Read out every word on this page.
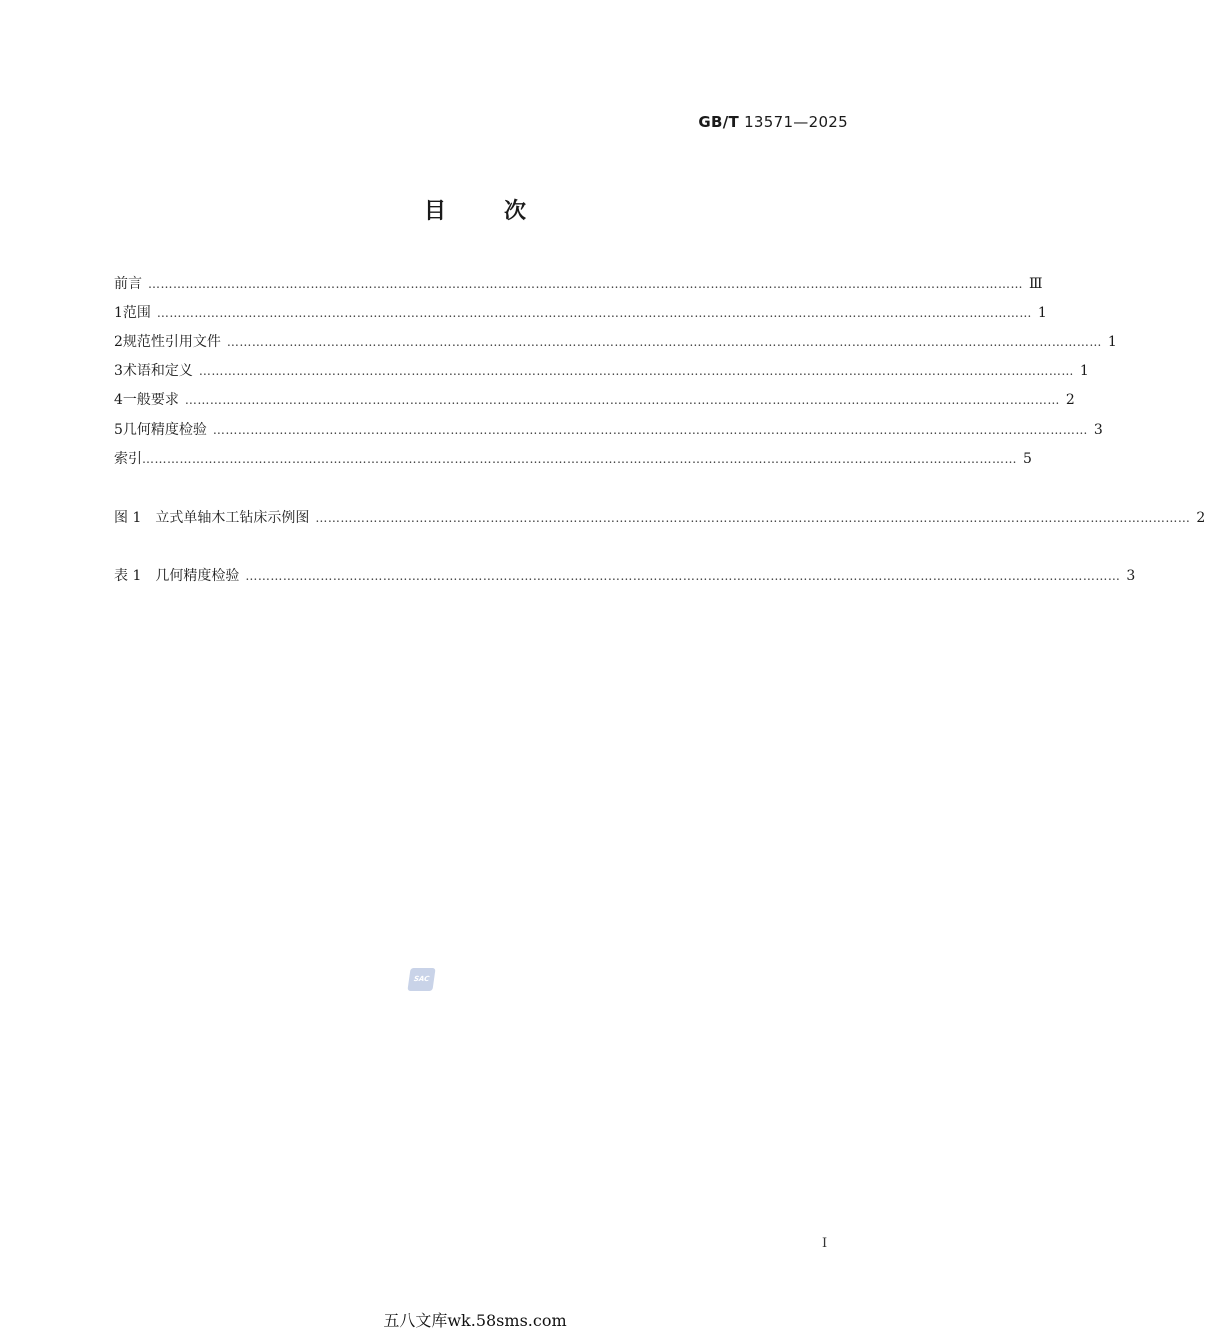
GB/T 13571—2025
目	次
前言 ………………………………………………………………………………………………………………………………………………………………………………………… Ⅲ
1 范围 ………………………………………………………………………………………………………………………………………………………………………………………… 1
2 规范性引用文件 ………………………………………………………………………………………………………………………………………………………………………………………… 1
3 术语和定义 ………………………………………………………………………………………………………………………………………………………………………………………… 1
4 一般要求 ………………………………………………………………………………………………………………………………………………………………………………………… 2
5 几何精度检验 ………………………………………………………………………………………………………………………………………………………………………………………… 3
索引 ………………………………………………………………………………………………………………………………………………………………………………………… 5
图 1　立式单轴木工钻床示例图 ………………………………………………………………………………………………………………………………………………………………………………………… 2
表 1　几何精度检验 ………………………………………………………………………………………………………………………………………………………………………………………… 3
SAC
I
五八文库wk.58sms.com
